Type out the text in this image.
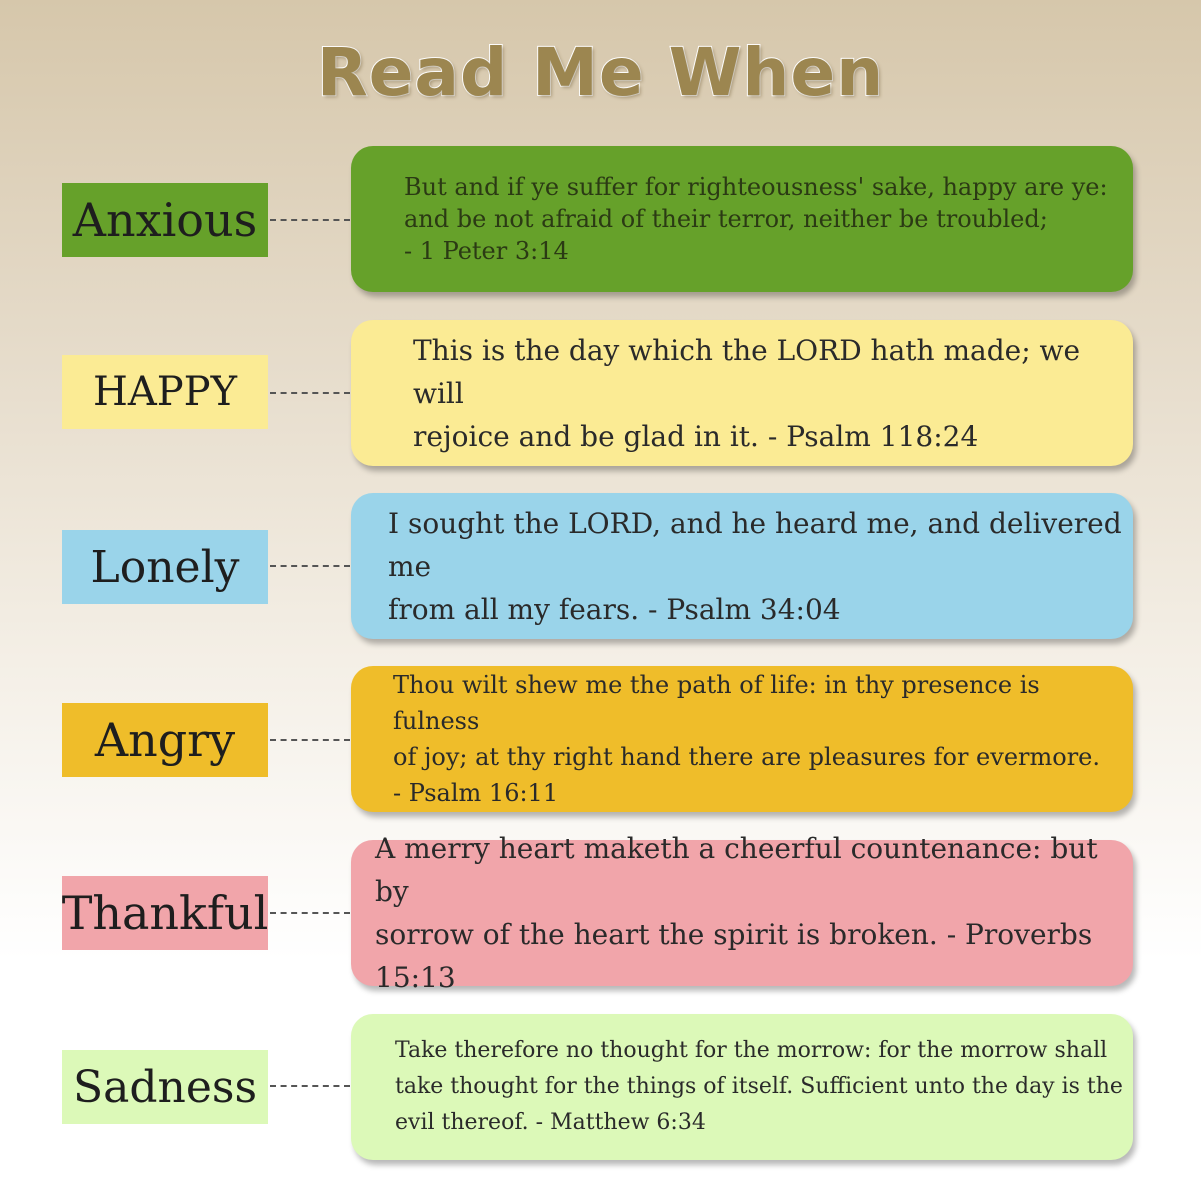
Read Me When
Anxious
But and if ye suffer for righteousness' sake, happy are ye:
and be not afraid of their terror, neither be troubled;
- 1 Peter 3:14
HAPPY
This is the day which the LORD hath made; we will
rejoice and be glad in it. - Psalm 118:24
Lonely
I sought the LORD, and he heard me, and delivered me
from all my fears. - Psalm 34:04
Angry
Thou wilt shew me the path of life: in thy presence is fulness
of joy; at thy right hand there are pleasures for evermore.
- Psalm 16:11
Thankful
A merry heart maketh a cheerful countenance: but by
sorrow of the heart the spirit is broken. - Proverbs 15:13
Sadness
Take therefore no thought for the morrow: for the morrow shall
take thought for the things of itself. Sufficient unto the day is the
evil thereof. - Matthew 6:34
